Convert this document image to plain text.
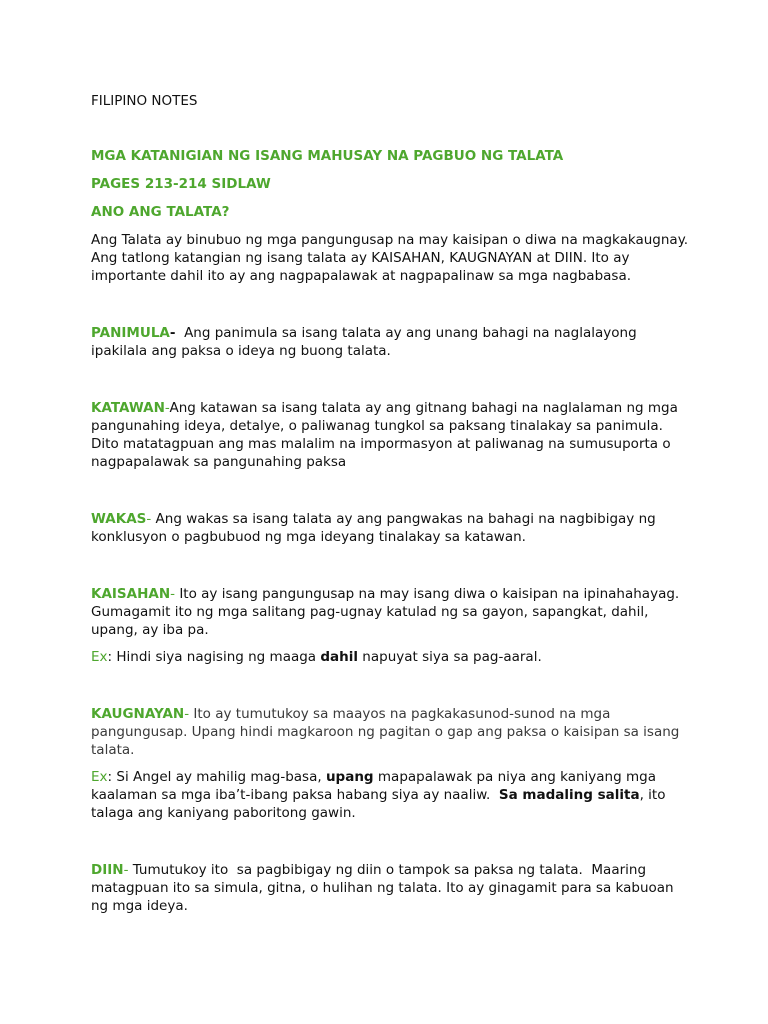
FILIPINO NOTES

MGA KATANIGIAN NG ISANG MAHUSAY NA PAGBUO NG TALATA

PAGES 213-214 SIDLAW

ANO ANG TALATA?

Ang Talata ay binubuo ng mga pangungusap na may kaisipan o diwa na magkakaugnay. Ang tatlong katangian ng isang talata ay KAISAHAN, KAUGNAYAN at DIIN. Ito ay importante dahil ito ay ang nagpapalawak at nagpapalinaw sa mga nagbabasa.

PANIMULA-  Ang panimula sa isang talata ay ang unang bahagi na naglalayong ipakilala ang paksa o ideya ng buong talata.

KATAWAN-Ang katawan sa isang talata ay ang gitnang bahagi na naglalaman ng mga pangunahing ideya, detalye, o paliwanag tungkol sa paksang tinalakay sa panimula. Dito matatagpuan ang mas malalim na impormasyon at paliwanag na sumusuporta o nagpapalawak sa pangunahing paksa

WAKAS- Ang wakas sa isang talata ay ang pangwakas na bahagi na nagbibigay ng konklusyon o pagbubuod ng mga ideyang tinalakay sa katawan.

KAISAHAN- Ito ay isang pangungusap na may isang diwa o kaisipan na ipinahahayag. Gumagamit ito ng mga salitang pag-ugnay katulad ng sa gayon, sapangkat, dahil, upang, ay iba pa.

Ex: Hindi siya nagising ng maaga dahil napuyat siya sa pag-aaral.

KAUGNAYAN- Ito ay tumutukoy sa maayos na pagkakasunod-sunod na mga pangungusap. Upang hindi magkaroon ng pagitan o gap ang paksa o kaisipan sa isang talata.

Ex: Si Angel ay mahilig mag-basa, upang mapapalawak pa niya ang kaniyang mga kaalaman sa mga iba’t-ibang paksa habang siya ay naaliw.  Sa madaling salita, ito talaga ang kaniyang paboritong gawin.

DIIN- Tumutukoy ito  sa pagbibigay ng diin o tampok sa paksa ng talata.  Maaring matagpuan ito sa simula, gitna, o hulihan ng talata. Ito ay ginagamit para sa kabuoan ng mga ideya.
